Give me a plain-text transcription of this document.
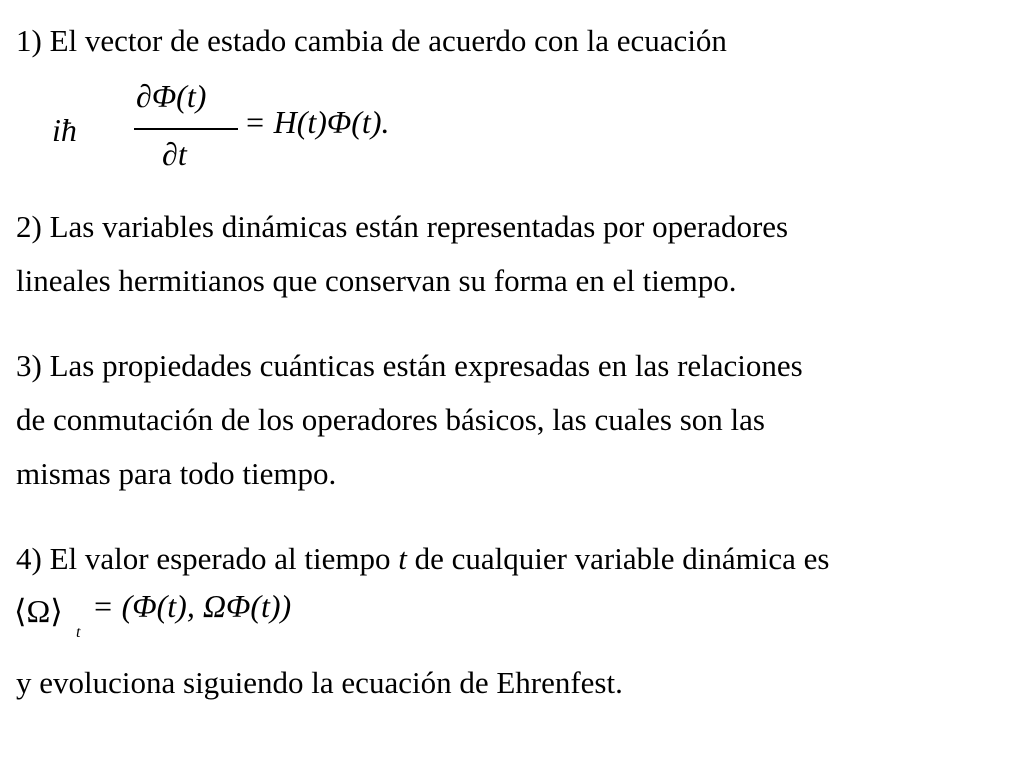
1) El vector de estado cambia de acuerdo con la ecuación
iħ
∂Φ(t)
∂t
= H(t)Φ(t).
2) Las variables dinámicas están representadas por operadores
lineales hermitianos que conservan su forma en el tiempo.
3) Las propiedades cuánticas están expresadas en las relaciones
de conmutación de los operadores básicos, las cuales son las
mismas para todo tiempo.
4) El valor esperado al tiempo t de cualquier variable dinámica es
⟨Ω⟩
t
= (Φ(t), ΩΦ(t))
y evoluciona siguiendo la ecuación de Ehrenfest.
